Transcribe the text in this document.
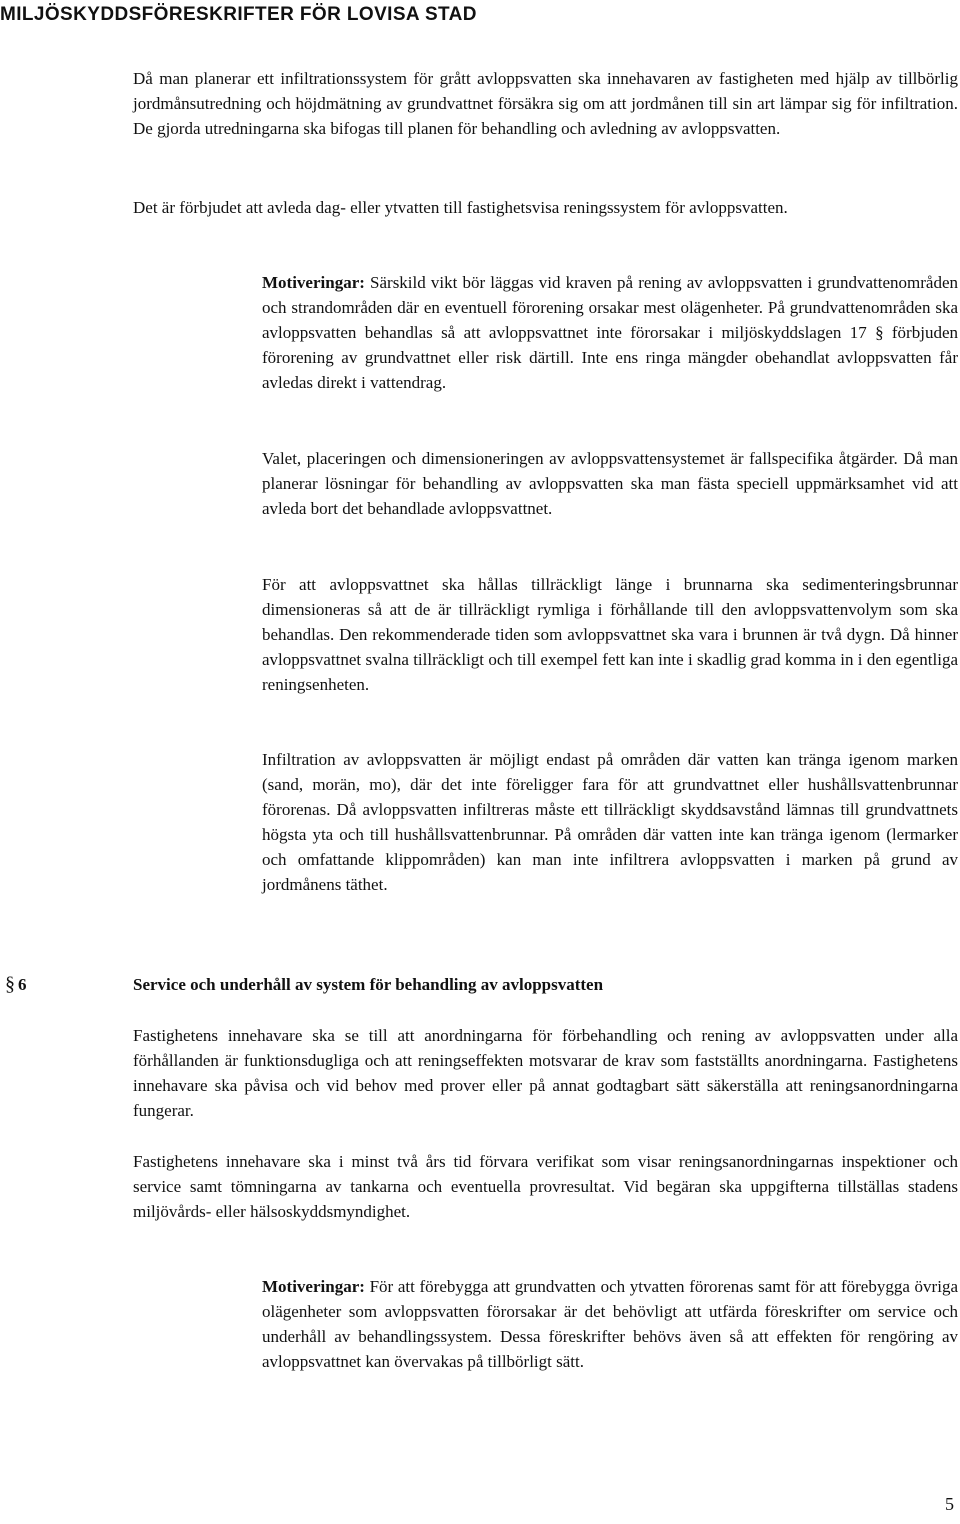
MILJÖSKYDDSFÖRESKRIFTER FÖR LOVISA STAD

Då man planerar ett infiltrationssystem för grått avloppsvatten ska innehavaren av fastigheten med hjälp av tillbörlig jordmånsutredning och höjdmätning av grundvattnet försäkra sig om att jordmånen till sin art lämpar sig för infiltration. De gjorda utredningarna ska bifogas till planen för behandling och avledning av avloppsvatten.

Det är förbjudet att avleda dag- eller ytvatten till fastighetsvisa reningssystem för avloppsvatten.

Motiveringar: Särskild vikt bör läggas vid kraven på rening av avloppsvatten i grundvattenområden och strandområden där en eventuell förorening orsakar mest olägenheter. På grundvattenområden ska avloppsvatten behandlas så att avloppsvattnet inte förorsakar i miljöskyddslagen 17 § förbjuden förorening av grundvattnet eller risk därtill. Inte ens ringa mängder obehandlat avloppsvatten får avledas direkt i vattendrag.

Valet, placeringen och dimensioneringen av avloppsvattensystemet är fallspecifika åtgärder. Då man planerar lösningar för behandling av avloppsvatten ska man fästa speciell uppmärksamhet vid att avleda bort det behandlade avloppsvattnet.

För att avloppsvattnet ska hållas tillräckligt länge i brunnarna ska sedimenteringsbrunnar dimensioneras så att de är tillräckligt rymliga i förhållande till den avloppsvattenvolym som ska behandlas. Den rekommenderade tiden som avloppsvattnet ska vara i brunnen är två dygn. Då hinner avloppsvattnet svalna tillräckligt och till exempel fett kan inte i skadlig grad komma in i den egentliga reningsenheten.

Infiltration av avloppsvatten är möjligt endast på områden där vatten kan tränga igenom marken (sand, morän, mo), där det inte föreligger fara för att grundvattnet eller hushållsvattenbrunnar förorenas. Då avloppsvatten infiltreras måste ett tillräckligt skyddsavstånd lämnas till grundvattnets högsta yta och till hushållsvattenbrunnar. På områden där vatten inte kan tränga igenom (lermarker och omfattande klippområden) kan man inte infiltrera avloppsvatten i marken på grund av jordmånens täthet.

§ 6	Service och underhåll av system för behandling av avloppsvatten

Fastighetens innehavare ska se till att anordningarna för förbehandling och rening av avloppsvatten under alla förhållanden är funktionsdugliga och att reningseffekten motsvarar de krav som fastställts anordningarna. Fastighetens innehavare ska påvisa och vid behov med prover eller på annat godtagbart sätt säkerställa att reningsanordningarna fungerar.

Fastighetens innehavare ska i minst två års tid förvara verifikat som visar reningsanordningarnas inspektioner och service samt tömningarna av tankarna och eventuella provresultat. Vid begäran ska uppgifterna tillställas stadens miljövårds- eller hälsoskyddsmyndighet.

Motiveringar: För att förebygga att grundvatten och ytvatten förorenas samt för att förebygga övriga olägenheter som avloppsvatten förorsakar är det behövligt att utfärda föreskrifter om service och underhåll av behandlingssystem. Dessa föreskrifter behövs även så att effekten för rengöring av avloppsvattnet kan övervakas på tillbörligt sätt.

5
